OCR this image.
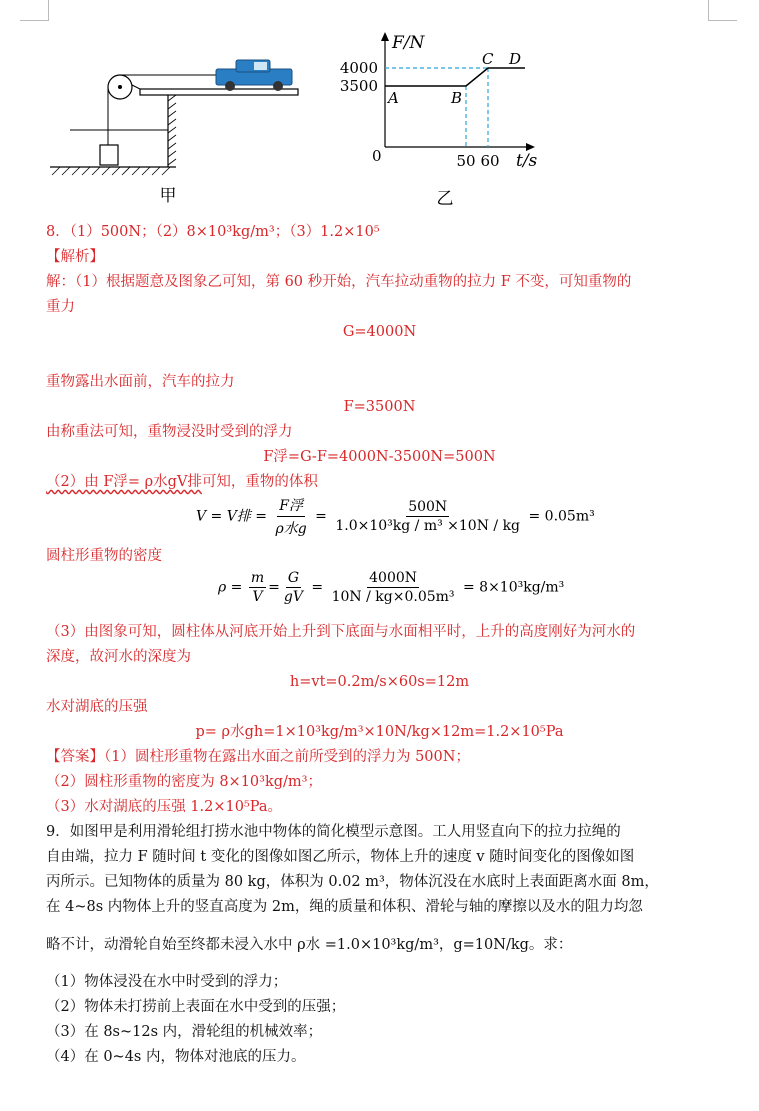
甲
F/N
4000
3500
0	50 60 t/s
A	B
C D
乙
8．（1）500N；（2）8×10³kg/m³；（3）1.2×10⁵
【解析】
解：（1）根据题意及图象乙可知，第 60 秒开始，汽车拉动重物的拉力 F 不变，可知重物的
重力
G=4000N
重物露出水面前，汽车的拉力
F=3500N
由称重法可知，重物浸没时受到的浮力
F浮=G-F=4000N-3500N=500N
（2）由 F浮= ρ水gV排可知，重物的体积
V = V排 = $\frac{\text{F浮}}{\text{ρ水g}} = \frac{500N}{\text{1.0×10³kg / m³ ×10N / kg}} = 0.05m^3$
圆柱形重物的密度
$\rho = \frac{m}{V} = \frac{G}{gV} = \frac{4000N}{\text{10N / kg×0.05m³}} = 8\times 10^3kg/m^3$
（3）由图象可知，圆柱体从河底开始上升到下底面与水面相平时，上升的高度刚好为河水的
深度，故河水的深度为
h=vt=0.2m/s×60s=12m
水对湖底的压强
p= ρ水gh=1×10³kg/m³×10N/kg×12m=1.2×10⁵Pa
【答案】（1）圆柱形重物在露出水面之前所受到的浮力为 500N；
（2）圆柱形重物的密度为 8×10³kg/m³；
（3）水对湖底的压强 1.2×10⁵Pa。
9．如图甲是利用滑轮组打捞水池中物体的简化模型示意图。工人用竖直向下的拉力拉绳的
自由端，拉力 F 随时间 t 变化的图像如图乙所示，物体上升的速度 v 随时间变化的图像如图
丙所示。已知物体的质量为 80 kg，体积为 0.02 m³，物体沉没在水底时上表面距离水面 8m，
在 4~8s 内物体上升的竖直高度为 2m，绳的质量和体积、滑轮与轴的摩擦以及水的阻力均忽
略不计，动滑轮自始至终都未浸入水中 ρ水 =1.0×10³kg/m³，g=10N/kg。求：
（1）物体浸没在水中时受到的浮力；
（2）物体未打捞前上表面在水中受到的压强；
（3）在 8s~12s 内，滑轮组的机械效率；
（4）在 0~4s 内，物体对池底的压力。
